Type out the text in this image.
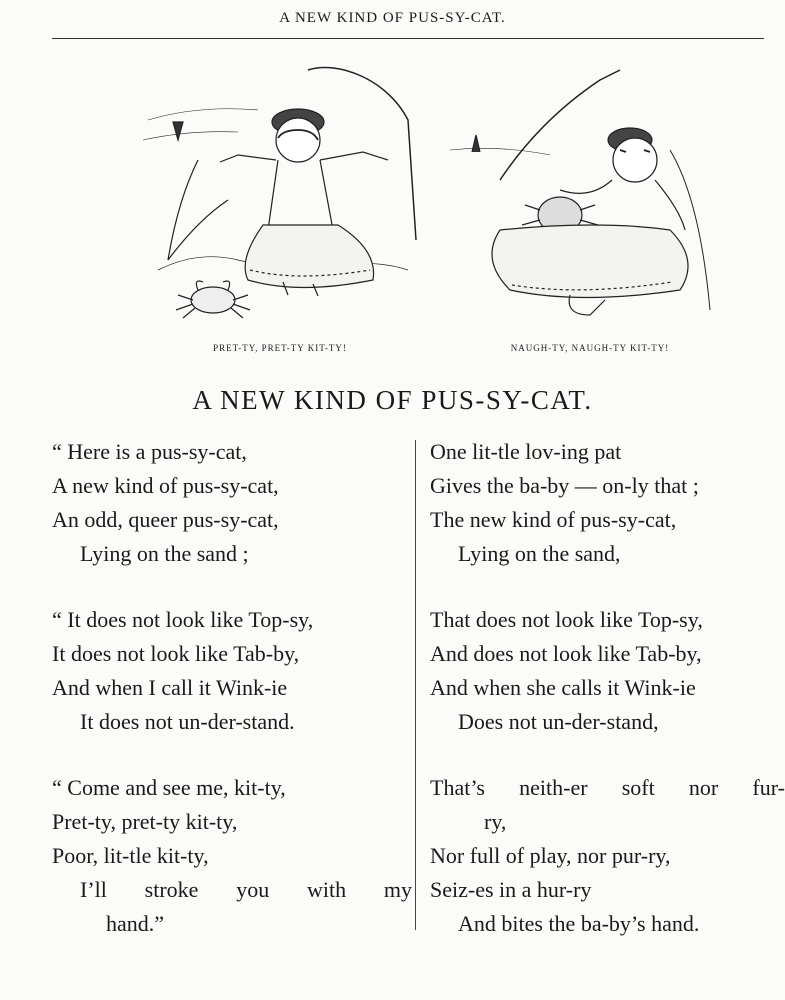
A NEW KIND OF PUS-SY-CAT.
PRET-TY, PRET-TY KIT-TY!	NAUGH-TY, NAUGH-TY KIT-TY!
A NEW KIND OF PUS-SY-CAT.
“ Here is a pus-sy-cat,
A new kind of pus-sy-cat,
An odd, queer pus-sy-cat,
Lying on the sand ;
“ It does not look like Top-sy,
It does not look like Tab-by,
And when I call it Wink-ie
It does not un-der-stand.
“ Come and see me, kit-ty,
Pret-ty, pret-ty kit-ty,
Poor, lit-tle kit-ty,
I’ll stroke you with my
hand.”
One lit-tle lov-ing pat
Gives the ba-by — on-ly that ;
The new kind of pus-sy-cat,
Lying on the sand,
That does not look like Top-sy,
And does not look like Tab-by,
And when she calls it Wink-ie
Does not un-der-stand,
That’s neith-er soft nor fur-
ry,
Nor full of play, nor pur-ry,
Seiz-es in a hur-ry
And bites the ba-by’s hand.
